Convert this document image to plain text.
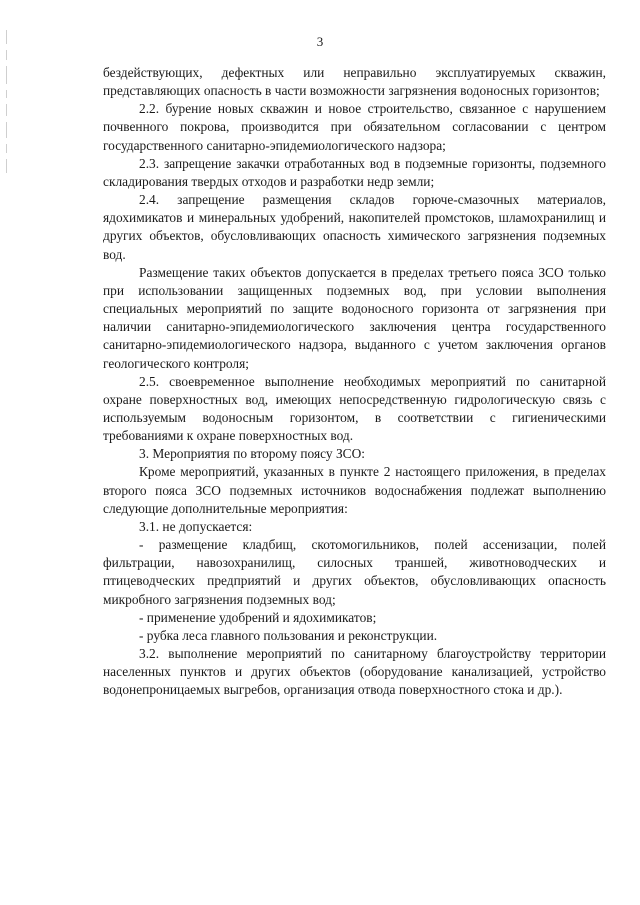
3

бездействующих, дефектных или неправильно эксплуатируемых скважин, представляющих опасность в части возможности загрязнения водоносных горизонтов;

2.2. бурение новых скважин и новое строительство, связанное с нарушением почвенного покрова, производится при обязательном согласовании с центром государственного санитарно-эпидемиологического надзора;

2.3. запрещение закачки отработанных вод в подземные горизонты, подземного складирования твердых отходов и разработки недр земли;

2.4. запрещение размещения складов горюче-смазочных материалов, ядохимикатов и минеральных удобрений, накопителей промстоков, шламохранилищ и других объектов, обусловливающих опасность химического загрязнения подземных вод.

Размещение таких объектов допускается в пределах третьего пояса ЗСО только при использовании защищенных подземных вод, при условии выполнения специальных мероприятий по защите водоносного горизонта от загрязнения при наличии санитарно-эпидемиологического заключения центра государственного санитарно-эпидемиологического надзора, выданного с учетом заключения органов геологического контроля;

2.5. своевременное выполнение необходимых мероприятий по санитарной охране поверхностных вод, имеющих непосредственную гидрологическую связь с используемым водоносным горизонтом, в соответствии с гигиеническими требованиями к охране поверхностных вод.

3. Мероприятия по второму поясу ЗСО:

Кроме мероприятий, указанных в пункте 2 настоящего приложения, в пределах второго пояса ЗСО подземных источников водоснабжения подлежат выполнению следующие дополнительные мероприятия:

3.1. не допускается:

- размещение кладбищ, скотомогильников, полей ассенизации, полей фильтрации, навозохранилищ, силосных траншей, животноводческих и птицеводческих предприятий и других объектов, обусловливающих опасность микробного загрязнения подземных вод;

- применение удобрений и ядохимикатов;

- рубка леса главного пользования и реконструкции.

3.2. выполнение мероприятий по санитарному благоустройству территории населенных пунктов и других объектов (оборудование канализацией, устройство водонепроницаемых выгребов, организация отвода поверхностного стока и др.).
